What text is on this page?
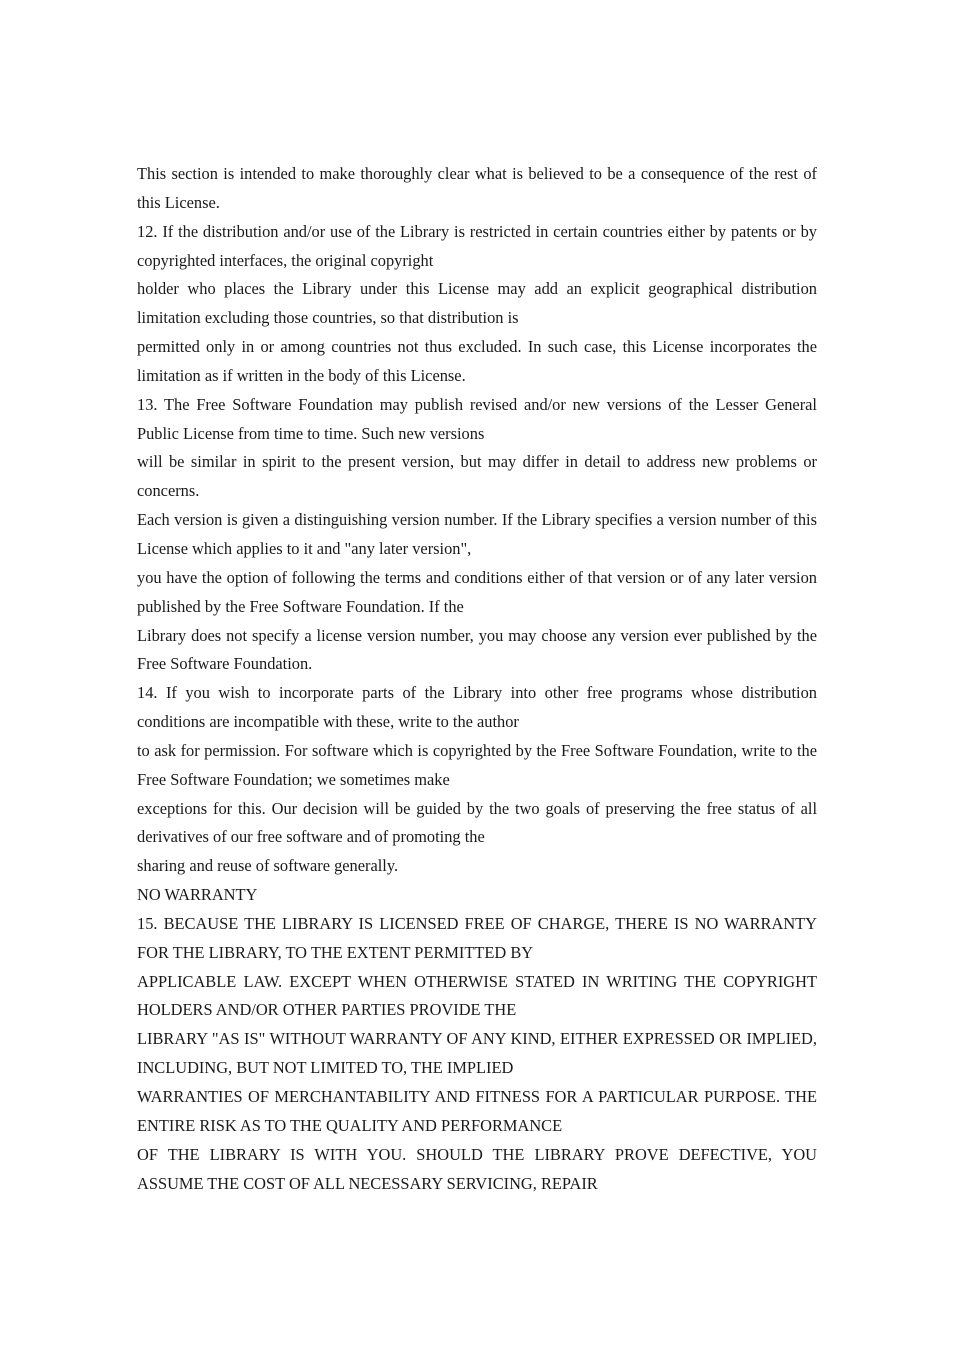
This section is intended to make thoroughly clear what is believed to be a consequence of the rest of this License.

12. If the distribution and/or use of the Library is restricted in certain countries either by patents or by copyrighted interfaces, the original copyright

holder who places the Library under this License may add an explicit geographical distribution limitation excluding those countries, so that distribution is

permitted only in or among countries not thus excluded. In such case, this License incorporates the limitation as if written in the body of this License.

13. The Free Software Foundation may publish revised and/or new versions of the Lesser General Public License from time to time. Such new versions

will be similar in spirit to the present version, but may differ in detail to address new problems or concerns.

Each version is given a distinguishing version number. If the Library specifies a version number of this License which applies to it and "any later version",

you have the option of following the terms and conditions either of that version or of any later version published by the Free Software Foundation. If the

Library does not specify a license version number, you may choose any version ever published by the Free Software Foundation.

14. If you wish to incorporate parts of the Library into other free programs whose distribution conditions are incompatible with these, write to the author

to ask for permission. For software which is copyrighted by the Free Software Foundation, write to the Free Software Foundation; we sometimes make

exceptions for this. Our decision will be guided by the two goals of preserving the free status of all derivatives of our free software and of promoting the

sharing and reuse of software generally.

NO WARRANTY

15. BECAUSE THE LIBRARY IS LICENSED FREE OF CHARGE, THERE IS NO WARRANTY FOR THE LIBRARY, TO THE EXTENT PERMITTED BY

APPLICABLE LAW. EXCEPT WHEN OTHERWISE STATED IN WRITING THE COPYRIGHT HOLDERS AND/OR OTHER PARTIES PROVIDE THE

LIBRARY "AS IS" WITHOUT WARRANTY OF ANY KIND, EITHER EXPRESSED OR IMPLIED, INCLUDING, BUT NOT LIMITED TO, THE IMPLIED

WARRANTIES OF MERCHANTABILITY AND FITNESS FOR A PARTICULAR PURPOSE. THE ENTIRE RISK AS TO THE QUALITY AND PERFORMANCE

OF THE LIBRARY IS WITH YOU. SHOULD THE LIBRARY PROVE DEFECTIVE, YOU ASSUME THE COST OF ALL NECESSARY SERVICING, REPAIR
